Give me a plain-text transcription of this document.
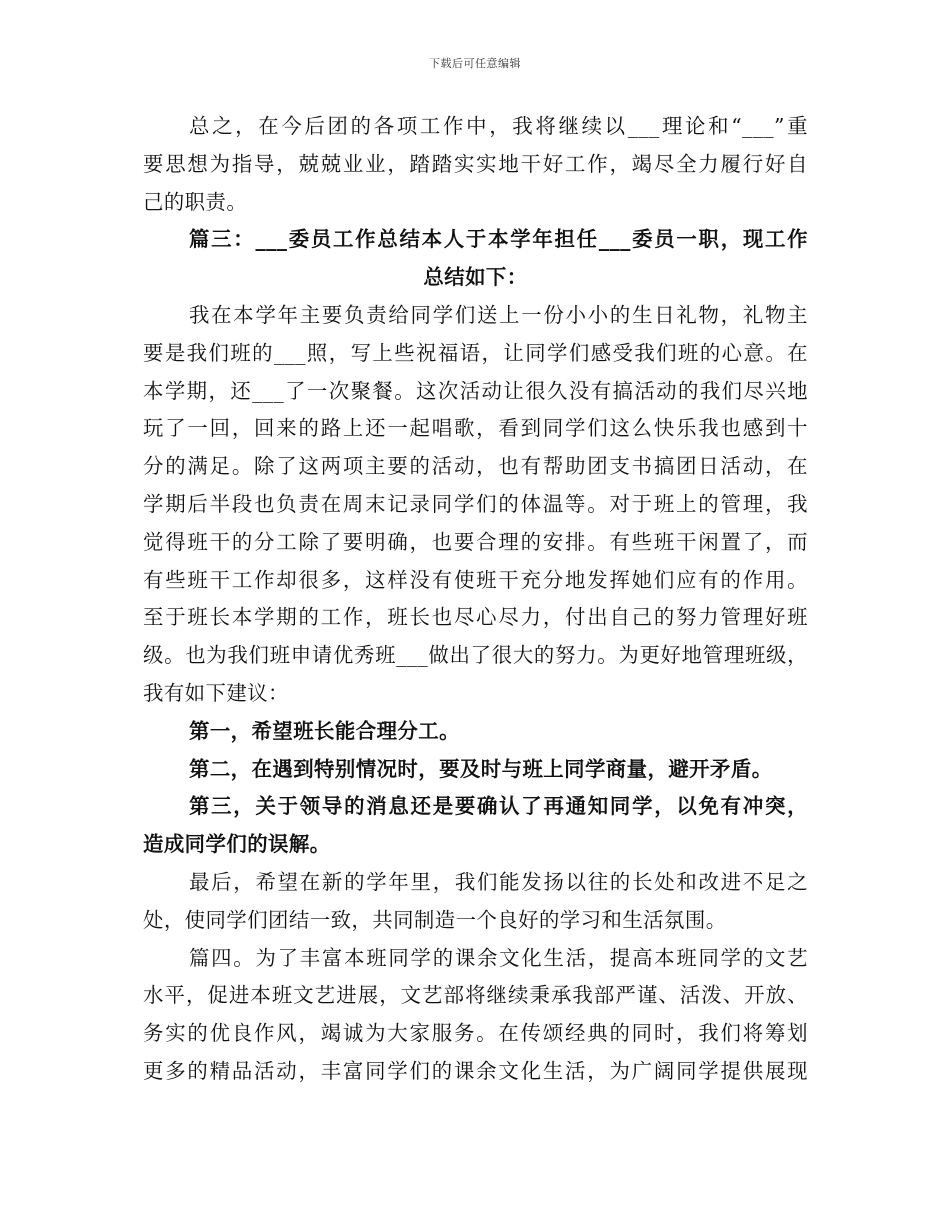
下载后可任意编辑
总之，在今后团的各项工作中，我将继续以___理论和“___”重
要思想为指导，兢兢业业，踏踏实实地干好工作，竭尽全力履行好自
己的职责。
篇三：___委员工作总结本人于本学年担任___委员一职，现工作
总结如下：
我在本学年主要负责给同学们送上一份小小的生日礼物，礼物主
要是我们班的___照，写上些祝福语，让同学们感受我们班的心意。在
本学期，还___了一次聚餐。这次活动让很久没有搞活动的我们尽兴地
玩了一回，回来的路上还一起唱歌，看到同学们这么快乐我也感到十
分的满足。除了这两项主要的活动，也有帮助团支书搞团日活动，在
学期后半段也负责在周末记录同学们的体温等。对于班上的管理，我
觉得班干的分工除了要明确，也要合理的安排。有些班干闲置了，而
有些班干工作却很多，这样没有使班干充分地发挥她们应有的作用。
至于班长本学期的工作，班长也尽心尽力，付出自己的努力管理好班
级。也为我们班申请优秀班___做出了很大的努力。为更好地管理班级，
我有如下建议：
第一，希望班长能合理分工。
第二，在遇到特别情况时，要及时与班上同学商量，避开矛盾。
第三，关于领导的消息还是要确认了再通知同学，以免有冲突，
造成同学们的误解。
最后，希望在新的学年里，我们能发扬以往的长处和改进不足之
处，使同学们团结一致，共同制造一个良好的学习和生活氛围。
篇四。为了丰富本班同学的课余文化生活，提高本班同学的文艺
水平，促进本班文艺进展，文艺部将继续秉承我部严谨、活泼、开放、
务实的优良作风，竭诚为大家服务。在传颂经典的同时，我们将筹划
更多的精品活动，丰富同学们的课余文化生活，为广阔同学提供展现
